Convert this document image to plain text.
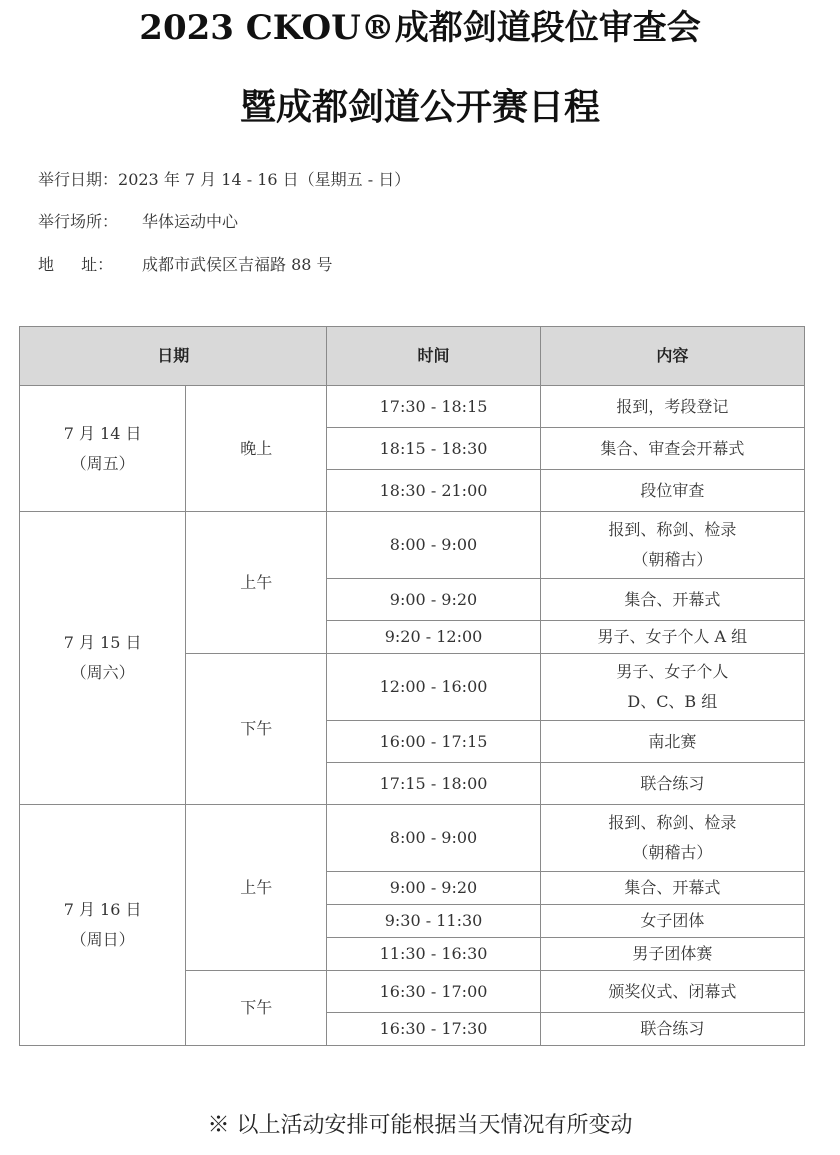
2023 CKOU®成都剑道段位审查会
暨成都剑道公开赛日程
举行日期：2023 年 7 月 14 - 16 日（星期五 - 日）
举行场所： 华体运动中心
地 址： 成都市武侯区吉福路 88 号
日期		时间	内容

7 月 14 日
（周五）	晚上	17:30 - 18:15	报到，考段登记
		18:15 - 18:30	集合、审查会开幕式
		18:30 - 21:00	段位审查

7 月 15 日
（周六）	上午	8:00 - 9:00	报到、称剑、检录
（朝稽古）

		9:00 - 9:20	集合、开幕式
		9:20 - 12:00	男子、女子个人 A 组
	下午	12:00 - 16:00	男子、女子个人
D、C、B 组

		16:00 - 17:15	南北赛
		17:15 - 18:00	联合练习

7 月 16 日
（周日）	上午	8:00 - 9:00	报到、称剑、检录
（朝稽古）

		9:00 - 9:20	集合、开幕式
		9:30 - 11:30	女子团体
		11:30 - 16:30	男子团体赛
	下午	16:30 - 17:00	颁奖仪式、闭幕式
		16:30 - 17:30	联合练习
※ 以上活动安排可能根据当天情况有所变动
